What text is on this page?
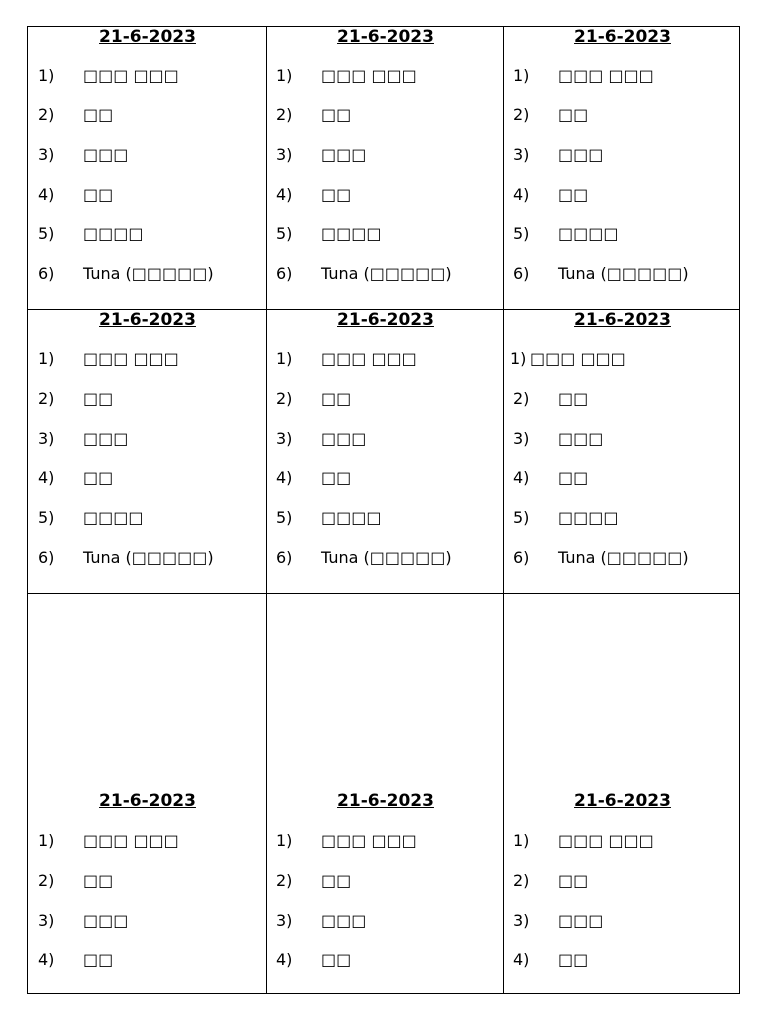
21-6-2023
1) □□□ □□□
2) □□
3) □□□
4) □□
5) □□□□
6) Tuna (□□□□□)
21-6-2023
1) □□□ □□□
2) □□
3) □□□
4) □□
5) □□□□
6) Tuna (□□□□□)
21-6-2023
1) □□□ □□□
2) □□
3) □□□
4) □□
5) □□□□
6) Tuna (□□□□□)
21-6-2023
1) □□□ □□□
2) □□
3) □□□
4) □□
5) □□□□
6) Tuna (□□□□□)
21-6-2023
1) □□□ □□□
2) □□
3) □□□
4) □□
5) □□□□
6) Tuna (□□□□□)
21-6-2023
1) □□□ □□□
2) □□
3) □□□
4) □□
5) □□□□
6) Tuna (□□□□□)
21-6-2023
1) □□□ □□□
2) □□
3) □□□
4) □□
21-6-2023
1) □□□ □□□
2) □□
3) □□□
4) □□
21-6-2023
1) □□□ □□□
2) □□
3) □□□
4) □□
